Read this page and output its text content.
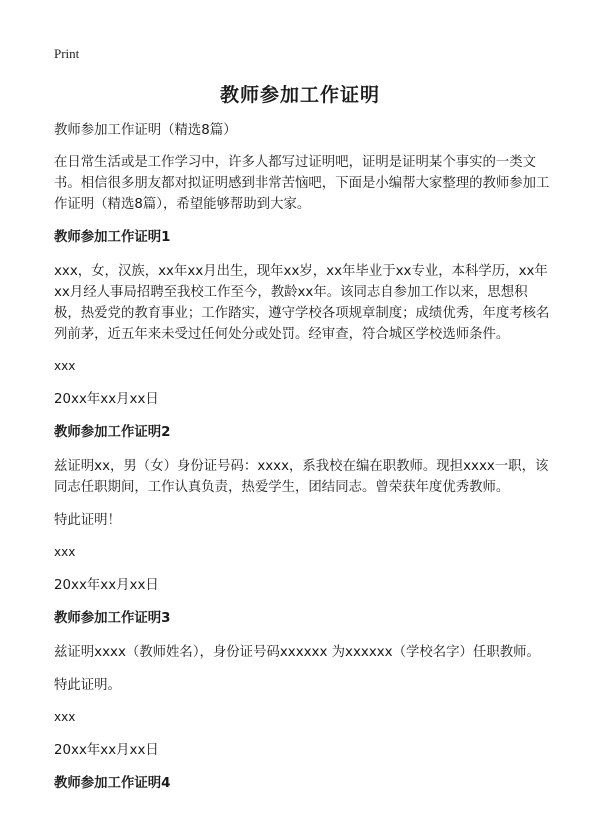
Print
教师参加工作证明

教师参加工作证明（精选8篇）

在日常生活或是工作学习中，许多人都写过证明吧，证明是证明某个事实的一类文书。相信很多朋友都对拟证明感到非常苦恼吧，下面是小编帮大家整理的教师参加工作证明（精选8篇），希望能够帮助到大家。

教师参加工作证明1

xxx，女，汉族，xx年xx月出生，现年xx岁，xx年毕业于xx专业，本科学历，xx年xx月经人事局招聘至我校工作至今，教龄xx年。该同志自参加工作以来，思想积极，热爱党的教育事业；工作踏实，遵守学校各项规章制度；成绩优秀，年度考核名列前茅，近五年来未受过任何处分或处罚。经审查，符合城区学校选师条件。

xxx

20xx年xx月xx日

教师参加工作证明2

兹证明xx，男（女）身份证号码：xxxx，系我校在编在职教师。现担xxxx一职，该同志任职期间，工作认真负责，热爱学生，团结同志。曾荣获年度优秀教师。

特此证明！

xxx

20xx年xx月xx日

教师参加工作证明3

兹证明xxxx（教师姓名），身份证号码xxxxxx 为xxxxxx（学校名字）任职教师。

特此证明。

xxx

20xx年xx月xx日

教师参加工作证明4
